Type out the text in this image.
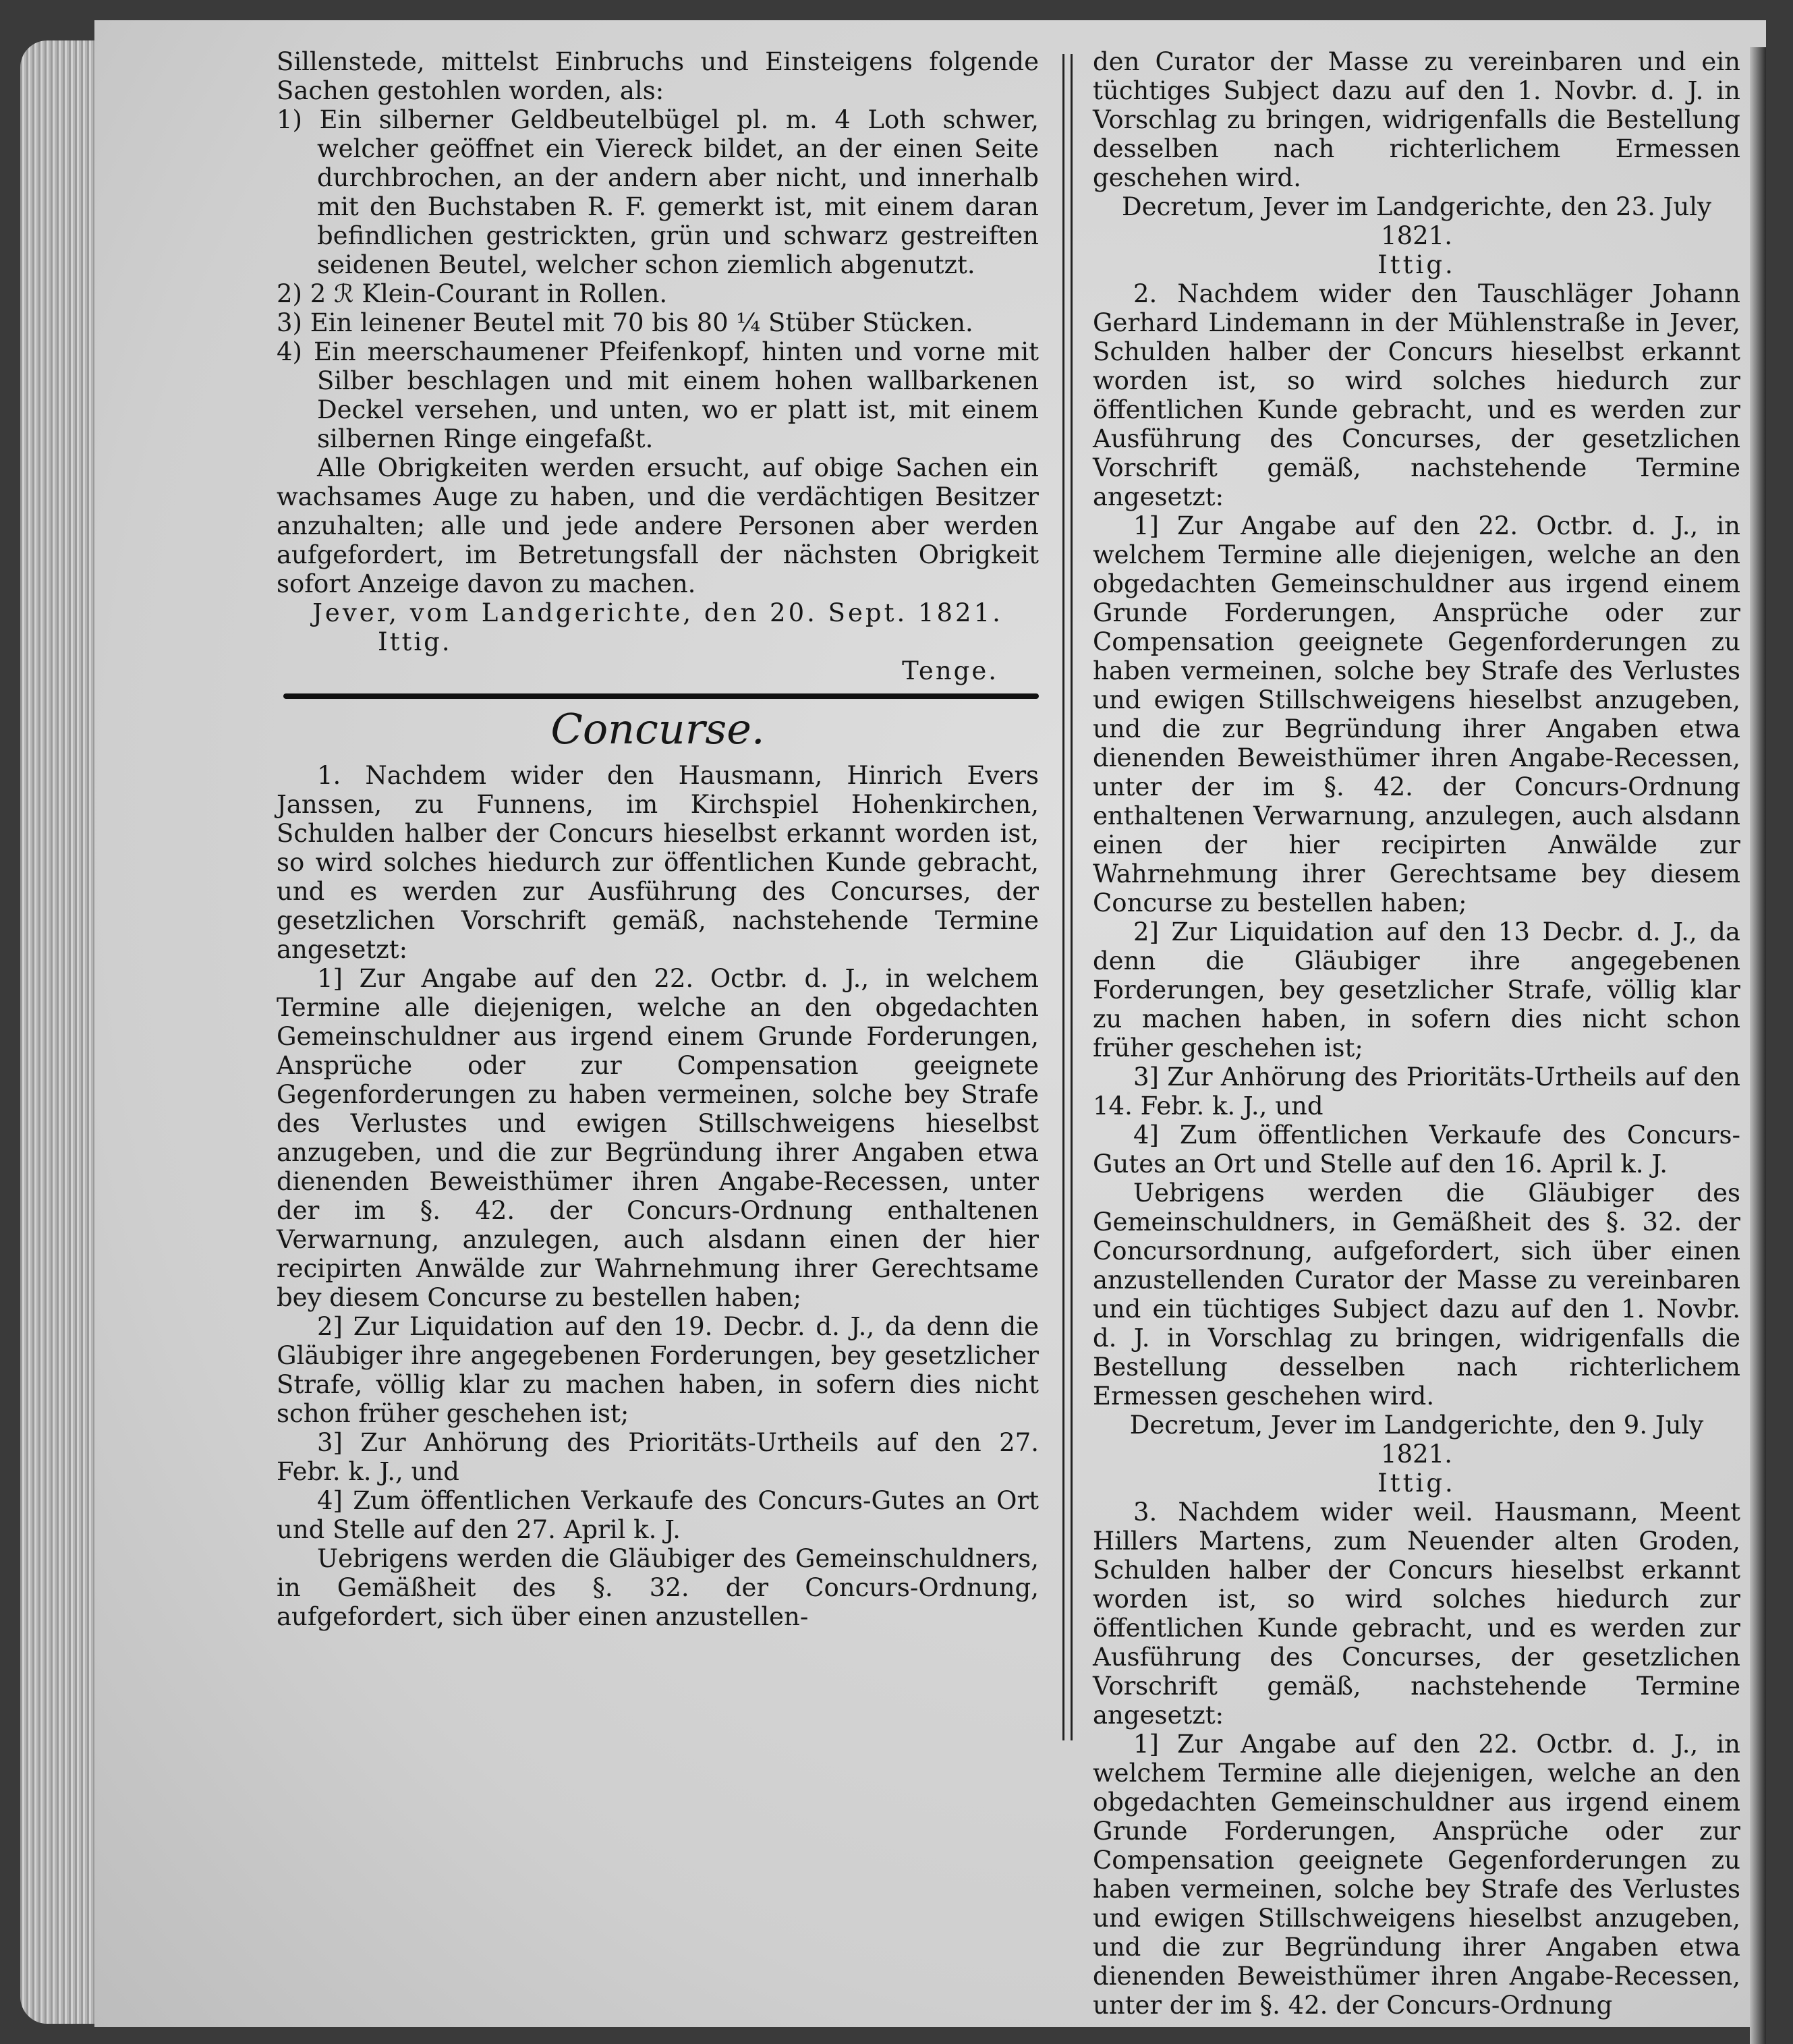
Sillenstede, mittelst Einbruchs und Einsteigens folgende Sachen gestohlen worden, als:

1) Ein silberner Geldbeutelbügel pl. m. 4 Loth schwer, welcher geöffnet ein Viereck bildet, an der einen Seite durchbrochen, an der andern aber nicht, und innerhalb mit den Buchstaben R. F. gemerkt ist, mit einem daran befindlichen gestrickten, grün und schwarz gestreiften seidenen Beutel, welcher schon ziemlich abgenutzt.

2) 2 ℛ Klein-Courant in Rollen.

3) Ein leinener Beutel mit 70 bis 80 ¼ Stüber Stücken.

4) Ein meerschaumener Pfeifenkopf, hinten und vorne mit Silber beschlagen und mit einem hohen wallbarkenen Deckel versehen, und unten, wo er platt ist, mit einem silbernen Ringe eingefaßt.

Alle Obrigkeiten werden ersucht, auf obige Sachen ein wachsames Auge zu haben, und die verdächtigen Besitzer anzuhalten; alle und jede andere Personen aber werden aufgefordert, im Betretungsfall der nächsten Obrigkeit sofort Anzeige davon zu machen.

Jever, vom Landgerichte, den 20. Sept. 1821.

Ittig.

Tenge.

Concurse.

1. Nachdem wider den Hausmann, Hinrich Evers Janssen, zu Funnens, im Kirchspiel Hohenkirchen, Schulden halber der Concurs hieselbst erkannt worden ist, so wird solches hiedurch zur öffentlichen Kunde gebracht, und es werden zur Ausführung des Concurses, der gesetzlichen Vorschrift gemäß, nachstehende Termine angesetzt:

1] Zur Angabe auf den 22. Octbr. d. J., in welchem Termine alle diejenigen, welche an den obgedachten Gemeinschuldner aus irgend einem Grunde Forderungen, Ansprüche oder zur Compensation geeignete Gegenforderungen zu haben vermeinen, solche bey Strafe des Verlustes und ewigen Stillschweigens hieselbst anzugeben, und die zur Begründung ihrer Angaben etwa dienenden Beweisthümer ihren Angabe-Recessen, unter der im §. 42. der Concurs-Ordnung enthaltenen Verwarnung, anzulegen, auch alsdann einen der hier recipirten Anwälde zur Wahrnehmung ihrer Gerechtsame bey diesem Concurse zu bestellen haben;

2] Zur Liquidation auf den 19. Decbr. d. J., da denn die Gläubiger ihre angegebenen Forderungen, bey gesetzlicher Strafe, völlig klar zu machen haben, in sofern dies nicht schon früher geschehen ist;

3] Zur Anhörung des Prioritäts-Urtheils auf den 27. Febr. k. J., und

4] Zum öffentlichen Verkaufe des Concurs-Gutes an Ort und Stelle auf den 27. April k. J.

Uebrigens werden die Gläubiger des Gemeinschuldners, in Gemäßheit des §. 32. der Concurs-Ordnung, aufgefordert, sich über einen anzustellen-

den Curator der Masse zu vereinbaren und ein tüchtiges Subject dazu auf den 1. Novbr. d. J. in Vorschlag zu bringen, widrigenfalls die Bestellung desselben nach richterlichem Ermessen geschehen wird.

Decretum, Jever im Landgerichte, den 23. July 1821.

Ittig.

2. Nachdem wider den Tauschläger Johann Gerhard Lindemann in der Mühlenstraße in Jever, Schulden halber der Concurs hieselbst erkannt worden ist, so wird solches hiedurch zur öffentlichen Kunde gebracht, und es werden zur Ausführung des Concurses, der gesetzlichen Vorschrift gemäß, nachstehende Termine angesetzt:

1] Zur Angabe auf den 22. Octbr. d. J., in welchem Termine alle diejenigen, welche an den obgedachten Gemeinschuldner aus irgend einem Grunde Forderungen, Ansprüche oder zur Compensation geeignete Gegenforderungen zu haben vermeinen, solche bey Strafe des Verlustes und ewigen Stillschweigens hieselbst anzugeben, und die zur Begründung ihrer Angaben etwa dienenden Beweisthümer ihren Angabe-Recessen, unter der im §. 42. der Concurs-Ordnung enthaltenen Verwarnung, anzulegen, auch alsdann einen der hier recipirten Anwälde zur Wahrnehmung ihrer Gerechtsame bey diesem Concurse zu bestellen haben;

2] Zur Liquidation auf den 13 Decbr. d. J., da denn die Gläubiger ihre angegebenen Forderungen, bey gesetzlicher Strafe, völlig klar zu machen haben, in sofern dies nicht schon früher geschehen ist;

3] Zur Anhörung des Prioritäts-Urtheils auf den 14. Febr. k. J., und

4] Zum öffentlichen Verkaufe des Concurs-Gutes an Ort und Stelle auf den 16. April k. J.

Uebrigens werden die Gläubiger des Gemeinschuldners, in Gemäßheit des §. 32. der Concursordnung, aufgefordert, sich über einen anzustellenden Curator der Masse zu vereinbaren und ein tüchtiges Subject dazu auf den 1. Novbr. d. J. in Vorschlag zu bringen, widrigenfalls die Bestellung desselben nach richterlichem Ermessen geschehen wird.

Decretum, Jever im Landgerichte, den 9. July 1821.

Ittig.

3. Nachdem wider weil. Hausmann, Meent Hillers Martens, zum Neuender alten Groden, Schulden halber der Concurs hieselbst erkannt worden ist, so wird solches hiedurch zur öffentlichen Kunde gebracht, und es werden zur Ausführung des Concurses, der gesetzlichen Vorschrift gemäß, nachstehende Termine angesetzt:

1] Zur Angabe auf den 22. Octbr. d. J., in welchem Termine alle diejenigen, welche an den obgedachten Gemeinschuldner aus irgend einem Grunde Forderungen, Ansprüche oder zur Compensation geeignete Gegenforderungen zu haben vermeinen, solche bey Strafe des Verlustes und ewigen Stillschweigens hieselbst anzugeben, und die zur Begründung ihrer Angaben etwa dienenden Beweisthümer ihren Angabe-Recessen, unter der im §. 42. der Concurs-Ordnung
